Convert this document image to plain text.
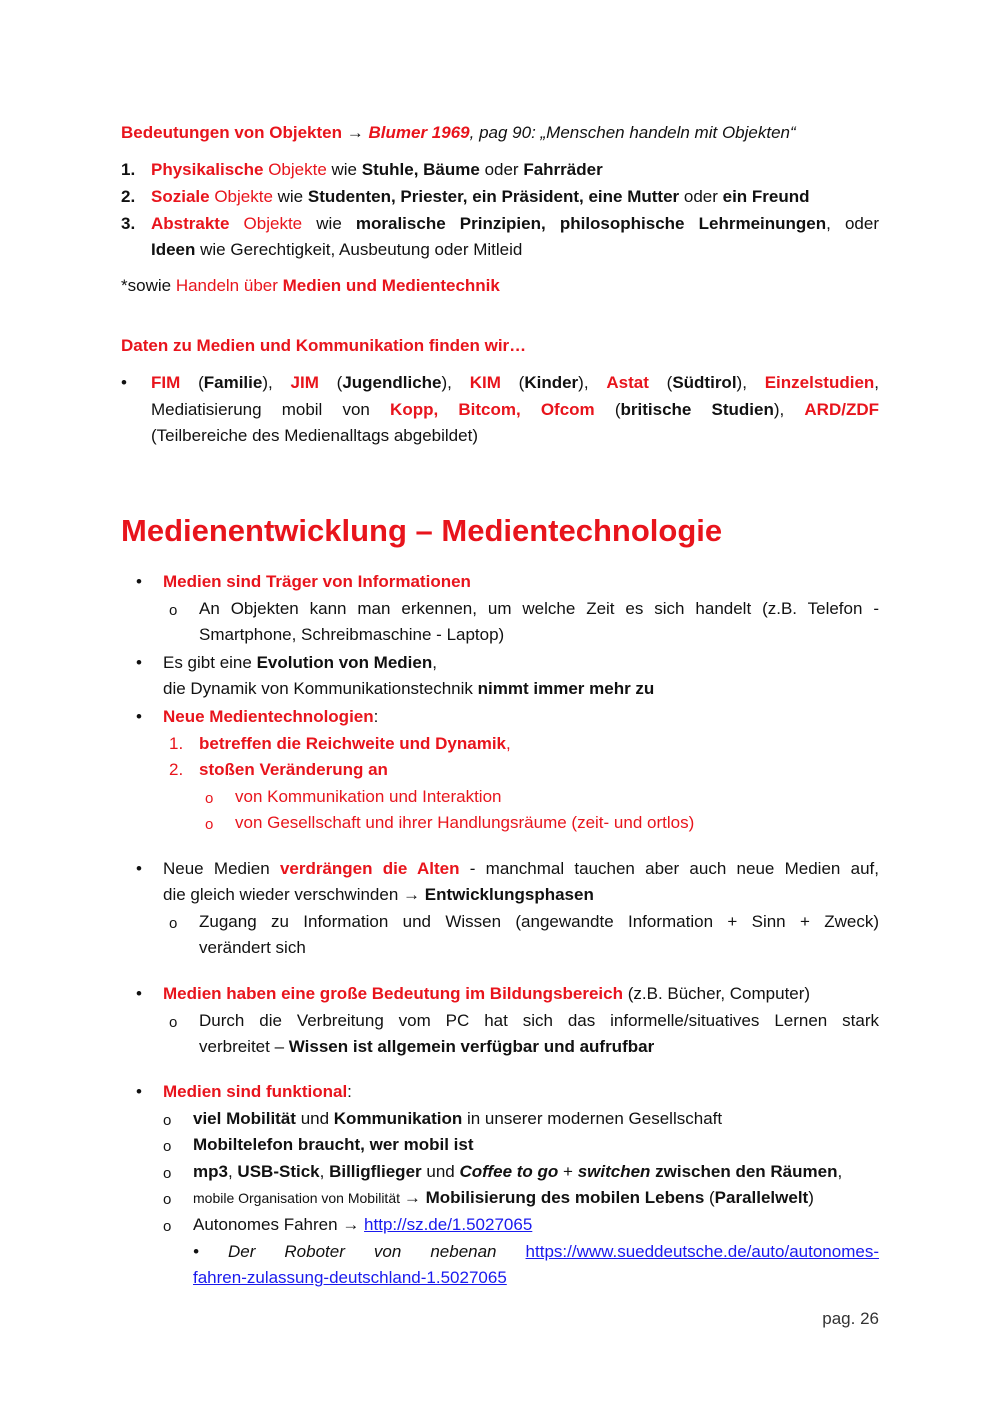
Bedeutungen von Objekten → Blumer 1969, pag 90: „Menschen handeln mit Objekten“
1. Physikalische Objekte wie Stuhle, Bäume oder Fahrräder
2. Soziale Objekte wie Studenten, Priester, ein Präsident, eine Mutter oder ein Freund
3. Abstrakte Objekte wie moralische Prinzipien, philosophische Lehrmeinungen, oder
Ideen wie Gerechtigkeit, Ausbeutung oder Mitleid
*sowie Handeln über Medien und Medientechnik
Daten zu Medien und Kommunikation finden wir…
• FIM (Familie), JIM (Jugendliche), KIM (Kinder), Astat (Südtirol), Einzelstudien,
Mediatisierung mobil von Kopp, Bitcom, Ofcom (britische Studien), ARD/ZDF
(Teilbereiche des Medienalltags abgebildet)
Medienentwicklung – Medientechnologie
• Medien sind Träger von Informationen
o An Objekten kann man erkennen, um welche Zeit es sich handelt (z.B. Telefon -
Smartphone, Schreibmaschine - Laptop)
• Es gibt eine Evolution von Medien,
die Dynamik von Kommunikationstechnik nimmt immer mehr zu
• Neue Medientechnologien:
1. betreffen die Reichweite und Dynamik,
2. stoßen Veränderung an
o von Kommunikation und Interaktion
o von Gesellschaft und ihrer Handlungsräume (zeit- und ortlos)
• Neue Medien verdrängen die Alten - manchmal tauchen aber auch neue Medien auf,
die gleich wieder verschwinden → Entwicklungsphasen
o Zugang zu Information und Wissen (angewandte Information + Sinn + Zweck)
verändert sich
• Medien haben eine große Bedeutung im Bildungsbereich (z.B. Bücher, Computer)
o Durch die Verbreitung vom PC hat sich das informelle/situatives Lernen stark
verbreitet – Wissen ist allgemein verfügbar und aufrufbar
• Medien sind funktional:
o viel Mobilität und Kommunikation in unserer modernen Gesellschaft
o Mobiltelefon braucht, wer mobil ist
o mp3, USB-Stick, Billigflieger und Coffee to go + switchen zwischen den Räumen,
o mobile Organisation von Mobilität → Mobilisierung des mobilen Lebens (Parallelwelt)
o Autonomes Fahren → http://sz.de/1.5027065
• Der Roboter von nebenan https://www.sueddeutsche.de/auto/autonomes-
fahren-zulassung-deutschland-1.5027065
pag. 26
